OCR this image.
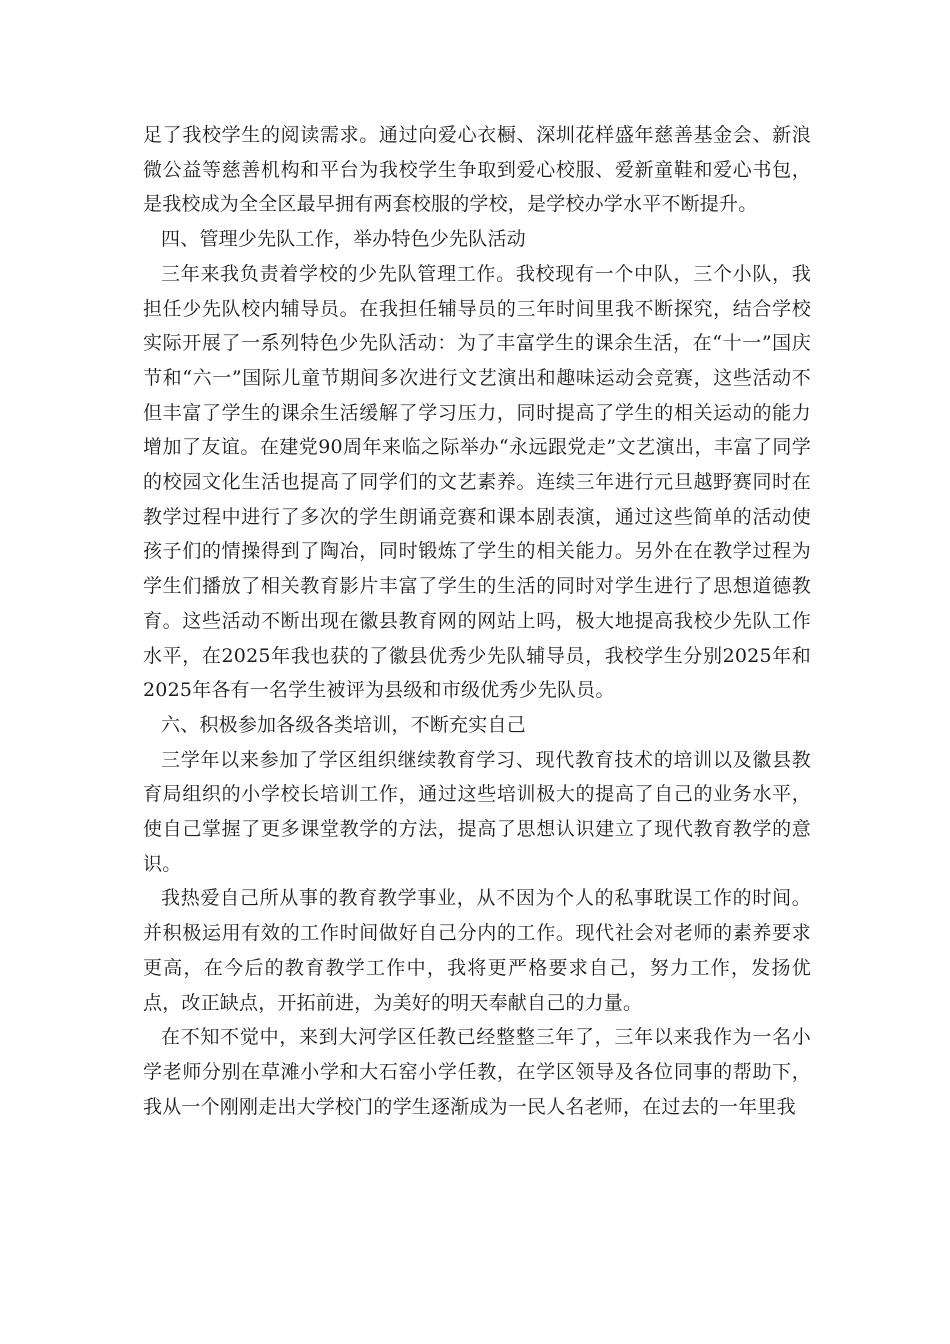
足了我校学生的阅读需求。通过向爱心衣橱、深圳花样盛年慈善基金会、新浪微公益等慈善机构和平台为我校学生争取到爱心校服、爱新童鞋和爱心书包，是我校成为全全区最早拥有两套校服的学校，是学校办学水平不断提升。

四、管理少先队工作，举办特色少先队活动

三年来我负责着学校的少先队管理工作。我校现有一个中队，三个小队，我担任少先队校内辅导员。在我担任辅导员的三年时间里我不断探究，结合学校实际开展了一系列特色少先队活动：为了丰富学生的课余生活，在“十一”国庆节和“六一”国际儿童节期间多次进行文艺演出和趣味运动会竞赛，这些活动不但丰富了学生的课余生活缓解了学习压力，同时提高了学生的相关运动的能力增加了友谊。在建党90周年来临之际举办“永远跟党走”文艺演出，丰富了同学的校园文化生活也提高了同学们的文艺素养。连续三年进行元旦越野赛同时在教学过程中进行了多次的学生朗诵竞赛和课本剧表演，通过这些简单的活动使孩子们的情操得到了陶冶，同时锻炼了学生的相关能力。另外在在教学过程为学生们播放了相关教育影片丰富了学生的生活的同时对学生进行了思想道德教育。这些活动不断出现在徽县教育网的网站上吗，极大地提高我校少先队工作水平，在2025年我也获的了徽县优秀少先队辅导员，我校学生分别2025年和2025年各有一名学生被评为县级和市级优秀少先队员。

六、积极参加各级各类培训，不断充实自己

三学年以来参加了学区组织继续教育学习、现代教育技术的培训以及徽县教育局组织的小学校长培训工作，通过这些培训极大的提高了自己的业务水平，使自己掌握了更多课堂教学的方法，提高了思想认识建立了现代教育教学的意识。

我热爱自己所从事的教育教学事业，从不因为个人的私事耽误工作的时间。并积极运用有效的工作时间做好自己分内的工作。现代社会对老师的素养要求更高，在今后的教育教学工作中，我将更严格要求自己，努力工作，发扬优点，改正缺点，开拓前进，为美好的明天奉献自己的力量。

在不知不觉中，来到大河学区任教已经整整三年了，三年以来我作为一名小学老师分别在草滩小学和大石窑小学任教，在学区领导及各位同事的帮助下，我从一个刚刚走出大学校门的学生逐渐成为一民人名老师，在过去的一年里我
